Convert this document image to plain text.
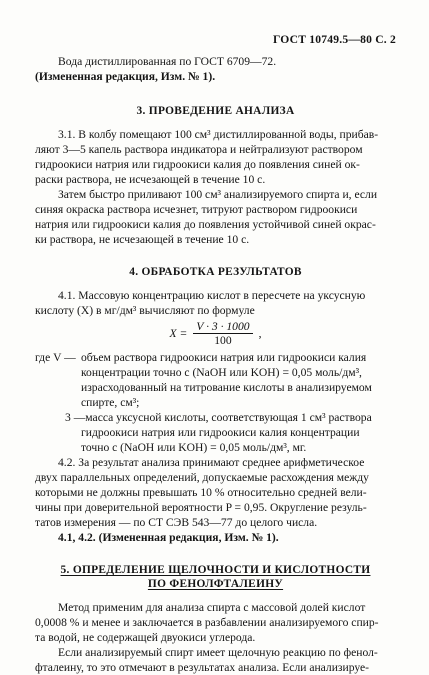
ГОСТ 10749.5—80 С. 2

Вода дистиллированная по ГОСТ 6709—72.

(Измененная редакция, Изм. № 1).

3. ПРОВЕДЕНИЕ АНАЛИЗА

3.1. В колбу помещают 100 см³ дистиллированной воды, прибав-

ляют 3—5 капель раствора индикатора и нейтрализуют раствором

гидроокиси натрия или гидроокиси калия до появления синей ок-

раски раствора, не исчезающей в течение 10 с.

Затем быстро приливают 100 см³ анализируемого спирта и, если

синяя окраска раствора исчезнет, титруют раствором гидроокиси

натрия или гидроокиси калия до появления устойчивой синей окрас-

ки раствора, не исчезающей в течение 10 с.

4. ОБРАБОТКА РЕЗУЛЬТАТОВ

4.1. Массовую концентрацию кислот в пересчете на уксусную

кислоту (X) в мг/дм³ вычисляют по формуле

$X = \frac{V \cdot 3 \cdot 1000}{100}$ ,
где V — объем раствора гидроокиси натрия или гидроокиси калия

концентрации точно с (NaOH или KOH) = 0,05 моль/дм³,

израсходованный на титрование кислоты в анализируемом

спирте, см³;

3 — масса уксусной кислоты, соответствующая 1 см³ раствора

гидроокиси натрия или гидроокиси калия концентрации

точно с (NaOH или KOH) = 0,05 моль/дм³, мг.

4.2. За результат анализа принимают среднее арифметическое

двух параллельных определений, допускаемые расхождения между

которыми не должны превышать 10 % относительно средней вели-

чины при доверительной вероятности P = 0,95. Округление резуль-

татов измерения — по СТ СЭВ 543—77 до целого числа.

4.1, 4.2. (Измененная редакция, Изм. № 1).

5. ОПРЕДЕЛЕНИЕ ЩЕЛОЧНОСТИ И КИСЛОТНОСТИ
ПО ФЕНОЛФТАЛЕИНУ

Метод применим для анализа спирта с массовой долей кислот

0,0008 % и менее и заключается в разбавлении анализируемого спир-

та водой, не содержащей двуокиси углерода.

Если анализируемый спирт имеет щелочную реакцию по фенол-

фталеину, то это отмечают в результатах анализа. Если анализируе-
